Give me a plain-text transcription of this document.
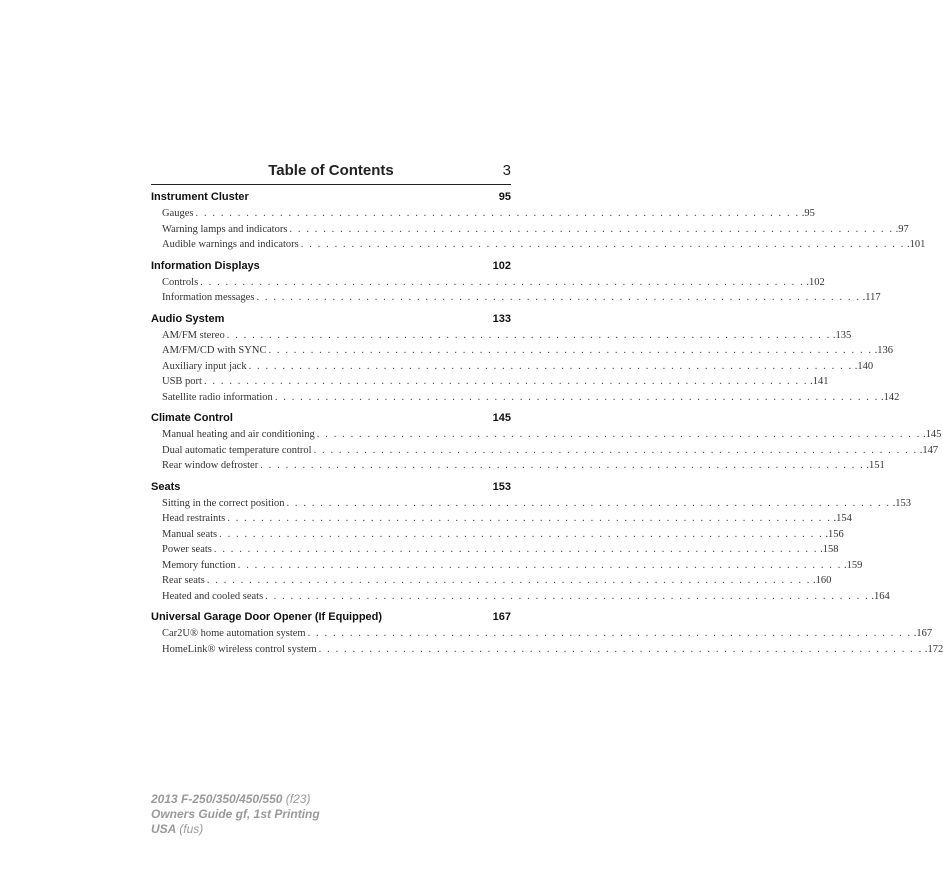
Table of Contents	3
Instrument Cluster	95
Gauges . . . . . . . . . . . . . . . . . . . . . . . . . . . . . . . . . . . . . . . . . . . . . . . . . . . . . . . . . . . . . . . . . . . . . . . . .95
Warning lamps and indicators . . . . . . . . . . . . . . . . . . . . . . . . . . . . . . . . . . . . . . . . . . . . . . . . . . . . . . . . . . . . . . . . . . . . . . . . .97
Audible warnings and indicators . . . . . . . . . . . . . . . . . . . . . . . . . . . . . . . . . . . . . . . . . . . . . . . . . . . . . . . . . . . . . . . . . . . . . . . . .101
Information Displays	102
Controls . . . . . . . . . . . . . . . . . . . . . . . . . . . . . . . . . . . . . . . . . . . . . . . . . . . . . . . . . . . . . . . . . . . . . . . . .102
Information messages . . . . . . . . . . . . . . . . . . . . . . . . . . . . . . . . . . . . . . . . . . . . . . . . . . . . . . . . . . . . . . . . . . . . . . . . .117
Audio System	133
AM/FM stereo . . . . . . . . . . . . . . . . . . . . . . . . . . . . . . . . . . . . . . . . . . . . . . . . . . . . . . . . . . . . . . . . . . . . . . . . .135
AM/FM/CD with SYNC . . . . . . . . . . . . . . . . . . . . . . . . . . . . . . . . . . . . . . . . . . . . . . . . . . . . . . . . . . . . . . . . . . . . . . . . .136
Auxiliary input jack . . . . . . . . . . . . . . . . . . . . . . . . . . . . . . . . . . . . . . . . . . . . . . . . . . . . . . . . . . . . . . . . . . . . . . . . .140
USB port . . . . . . . . . . . . . . . . . . . . . . . . . . . . . . . . . . . . . . . . . . . . . . . . . . . . . . . . . . . . . . . . . . . . . . . . .141
Satellite radio information . . . . . . . . . . . . . . . . . . . . . . . . . . . . . . . . . . . . . . . . . . . . . . . . . . . . . . . . . . . . . . . . . . . . . . . . .142
Climate Control	145
Manual heating and air conditioning . . . . . . . . . . . . . . . . . . . . . . . . . . . . . . . . . . . . . . . . . . . . . . . . . . . . . . . . . . . . . . . . . . . . . . . . .145
Dual automatic temperature control . . . . . . . . . . . . . . . . . . . . . . . . . . . . . . . . . . . . . . . . . . . . . . . . . . . . . . . . . . . . . . . . . . . . . . . . .147
Rear window defroster . . . . . . . . . . . . . . . . . . . . . . . . . . . . . . . . . . . . . . . . . . . . . . . . . . . . . . . . . . . . . . . . . . . . . . . . .151
Seats	153
Sitting in the correct position . . . . . . . . . . . . . . . . . . . . . . . . . . . . . . . . . . . . . . . . . . . . . . . . . . . . . . . . . . . . . . . . . . . . . . . . .153
Head restraints . . . . . . . . . . . . . . . . . . . . . . . . . . . . . . . . . . . . . . . . . . . . . . . . . . . . . . . . . . . . . . . . . . . . . . . . .154
Manual seats . . . . . . . . . . . . . . . . . . . . . . . . . . . . . . . . . . . . . . . . . . . . . . . . . . . . . . . . . . . . . . . . . . . . . . . . .156
Power seats . . . . . . . . . . . . . . . . . . . . . . . . . . . . . . . . . . . . . . . . . . . . . . . . . . . . . . . . . . . . . . . . . . . . . . . . .158
Memory function . . . . . . . . . . . . . . . . . . . . . . . . . . . . . . . . . . . . . . . . . . . . . . . . . . . . . . . . . . . . . . . . . . . . . . . . .159
Rear seats . . . . . . . . . . . . . . . . . . . . . . . . . . . . . . . . . . . . . . . . . . . . . . . . . . . . . . . . . . . . . . . . . . . . . . . . .160
Heated and cooled seats . . . . . . . . . . . . . . . . . . . . . . . . . . . . . . . . . . . . . . . . . . . . . . . . . . . . . . . . . . . . . . . . . . . . . . . . .164
Universal Garage Door Opener (If Equipped)	167
Car2U® home automation system . . . . . . . . . . . . . . . . . . . . . . . . . . . . . . . . . . . . . . . . . . . . . . . . . . . . . . . . . . . . . . . . . . . . . . . . .167
HomeLink® wireless control system . . . . . . . . . . . . . . . . . . . . . . . . . . . . . . . . . . . . . . . . . . . . . . . . . . . . . . . . . . . . . . . . . . . . . . . . .172
2013 F-250/350/450/550 (f23)
Owners Guide gf, 1st Printing
USA (fus)
